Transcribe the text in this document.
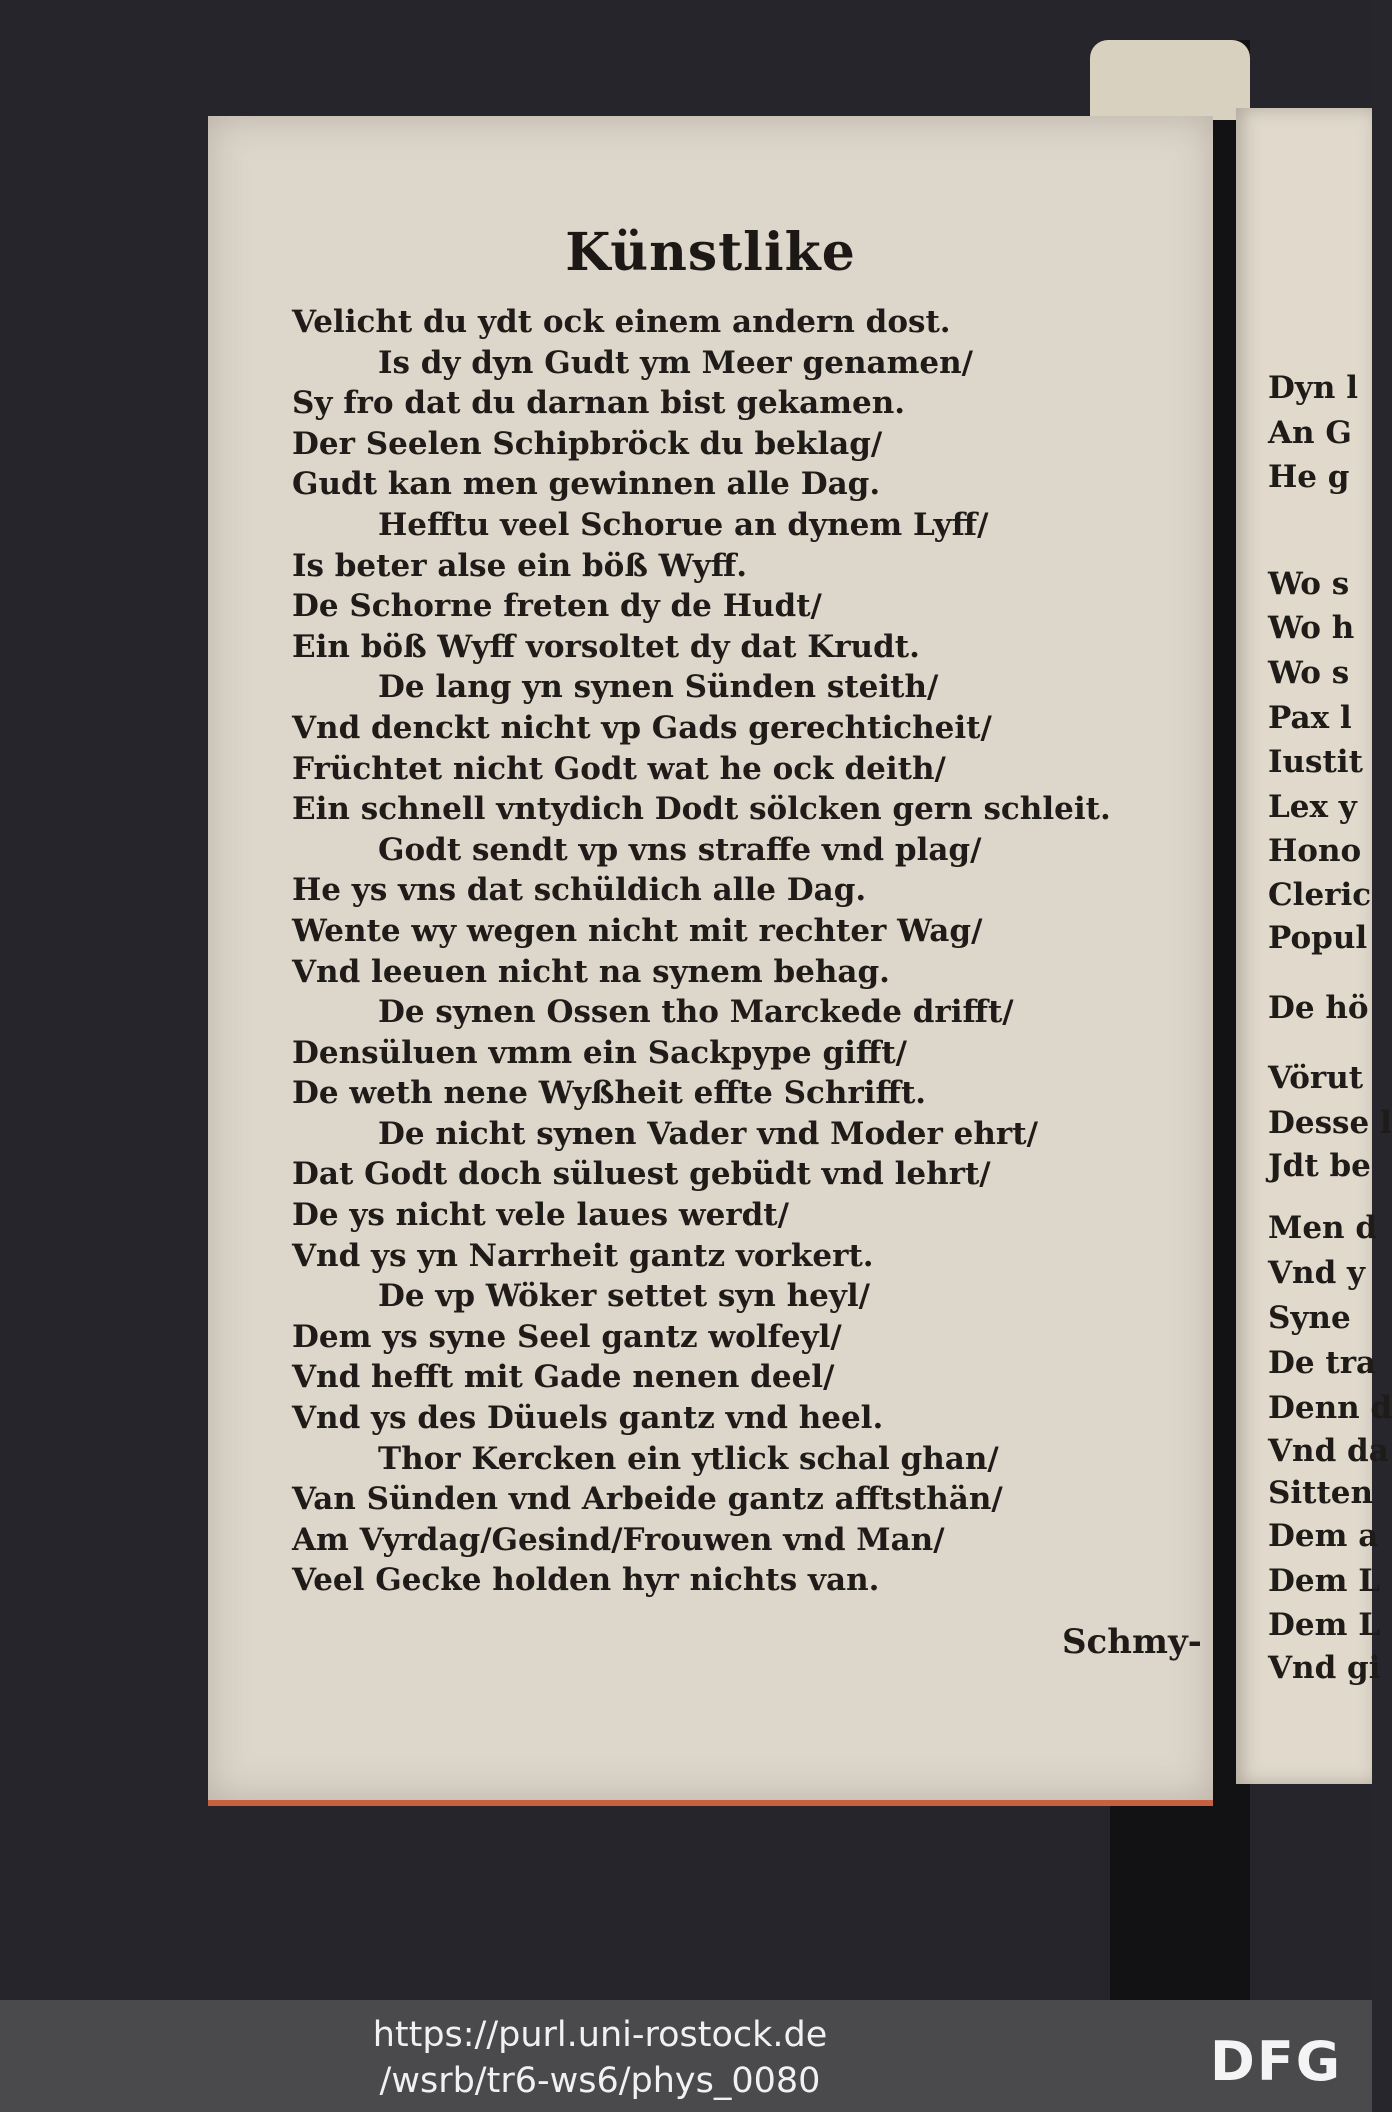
Dyn l
An G
He g
Wo s
Wo h
Wo s
Pax l
Iustit
Lex y
Hono
Cleric
Popul
De hö
Vörut
Desse l
Jdt be
Men d
Vnd y
Syne
De tra
Denn d
Vnd da
Sitten
Dem a
Dem L
Dem L
Vnd gi
Künstlike
Velicht du ydt ock einem andern dost.
Is dy dyn Gudt ym Meer genamen/
Sy fro dat du darnan bist gekamen.
Der Seelen Schipbröck du beklag/
Gudt kan men gewinnen alle Dag.
Hefftu veel Schorue an dynem Lyff/
Is beter alse ein böß Wyff.
De Schorne freten dy de Hudt/
Ein böß Wyff vorsoltet dy dat Krudt.
De lang yn synen Sünden steith/
Vnd denckt nicht vp Gads gerechticheit/
Früchtet nicht Godt wat he ock deith/
Ein schnell vntydich Dodt sölcken gern schleit.
Godt sendt vp vns straffe vnd plag/
He ys vns dat schüldich alle Dag.
Wente wy wegen nicht mit rechter Wag/
Vnd leeuen nicht na synem behag.
De synen Ossen tho Marckede drifft/
Densüluen vmm ein Sackpype gifft/
De weth nene Wyßheit effte Schrifft.
De nicht synen Vader vnd Moder ehrt/
Dat Godt doch süluest gebüdt vnd lehrt/
De ys nicht vele laues werdt/
Vnd ys yn Narrheit gantz vorkert.
De vp Wöker settet syn heyl/
Dem ys syne Seel gantz wolfeyl/
Vnd hefft mit Gade nenen deel/
Vnd ys des Düuels gantz vnd heel.
Thor Kercken ein ytlick schal ghan/
Van Sünden vnd Arbeide gantz afftsthän/
Am Vyrdag/Gesind/Frouwen vnd Man/
Veel Gecke holden hyr nichts van.
Schmy-
https://purl.uni-rostock.de
/wsrb/tr6-ws6/phys_0080	DFG
